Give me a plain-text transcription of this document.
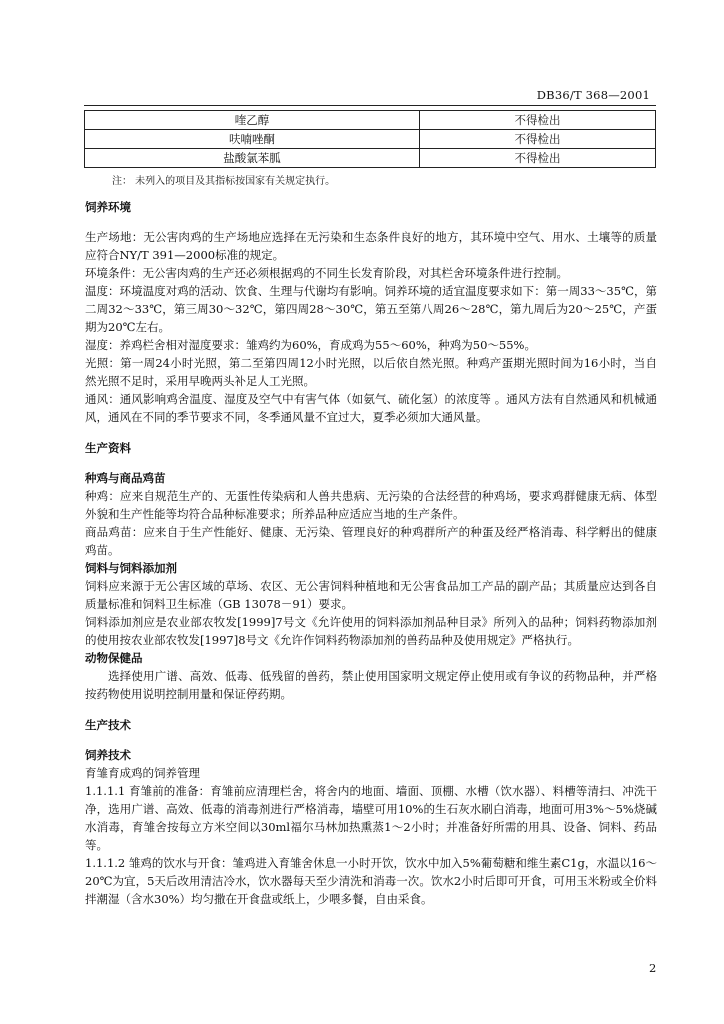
DB36/T 368—2001
喹乙醇	不得检出
呋喃唑酮	不得检出
盐酸氯苯胍	不得检出
注： 未列入的项目及其指标按国家有关规定执行。

饲养环境

生产场地：无公害肉鸡的生产场地应选择在无污染和生态条件良好的地方，其环境中空气、用水、土壤等的质量应符合NY/T 391—2000标准的规定。

环境条件：无公害肉鸡的生产还必须根据鸡的不同生长发育阶段，对其栏舍环境条件进行控制。

温度：环境温度对鸡的活动、饮食、生理与代谢均有影响。饲养环境的适宜温度要求如下：第一周33～35℃，第二周32～33℃，第三周30～32℃，第四周28～30℃，第五至第八周26～28℃，第九周后为20～25℃，产蛋期为20℃左右。

湿度：养鸡栏舍相对湿度要求：雏鸡约为60%，育成鸡为55～60%，种鸡为50～55%。

光照：第一周24小时光照，第二至第四周12小时光照，以后依自然光照。种鸡产蛋期光照时间为16小时，当自然光照不足时，采用早晚两头补足人工光照。

通风：通风影响鸡舍温度、湿度及空气中有害气体（如氨气、硫化氢）的浓度等 。通风方法有自然通风和机械通风，通风在不同的季节要求不同，冬季通风量不宜过大，夏季必须加大通风量。

生产资料

种鸡与商品鸡苗

种鸡：应来自规范生产的、无蛋性传染病和人兽共患病、无污染的合法经营的种鸡场，要求鸡群健康无病、体型外貌和生产性能等均符合品种标准要求；所养品种应适应当地的生产条件。

商品鸡苗：应来自于生产性能好、健康、无污染、管理良好的种鸡群所产的种蛋及经严格消毒、科学孵出的健康鸡苗。

饲料与饲料添加剂

饲料应来源于无公害区域的草场、农区、无公害饲料种植地和无公害食品加工产品的副产品；其质量应达到各自质量标准和饲料卫生标准（GB 13078－91）要求。

饲料添加剂应是农业部农牧发[1999]7号文《允许使用的饲料添加剂品种目录》所列入的品种；饲料药物添加剂的使用按农业部农牧发[1997]8号文《允许作饲料药物添加剂的兽药品种及使用规定》严格执行。

动物保健品

选择使用广谱、高效、低毒、低残留的兽药，禁止使用国家明文规定停止使用或有争议的药物品种，并严格按药物使用说明控制用量和保证停药期。

生产技术

饲养技术

育雏育成鸡的饲养管理

1.1.1.1 育雏前的准备：育雏前应清理栏舍，将舍内的地面、墙面、顶棚、水槽（饮水器）、料槽等清扫、冲洗干净，选用广谱、高效、低毒的消毒剂进行严格消毒，墙壁可用10%的生石灰水刷白消毒，地面可用3%～5%烧碱水消毒，育雏舍按每立方米空间以30ml福尔马林加热熏蒸1～2小时；并准备好所需的用具、设备、饲料、药品等。

1.1.1.2 雏鸡的饮水与开食：雏鸡进入育雏舍休息一小时开饮，饮水中加入5%葡萄糖和维生素C1g，水温以16～20℃为宜，5天后改用清洁冷水，饮水器每天至少清洗和消毒一次。饮水2小时后即可开食，可用玉米粉或全价料拌潮湿（含水30%）均匀撒在开食盘或纸上，少喂多餐，自由采食。

2
